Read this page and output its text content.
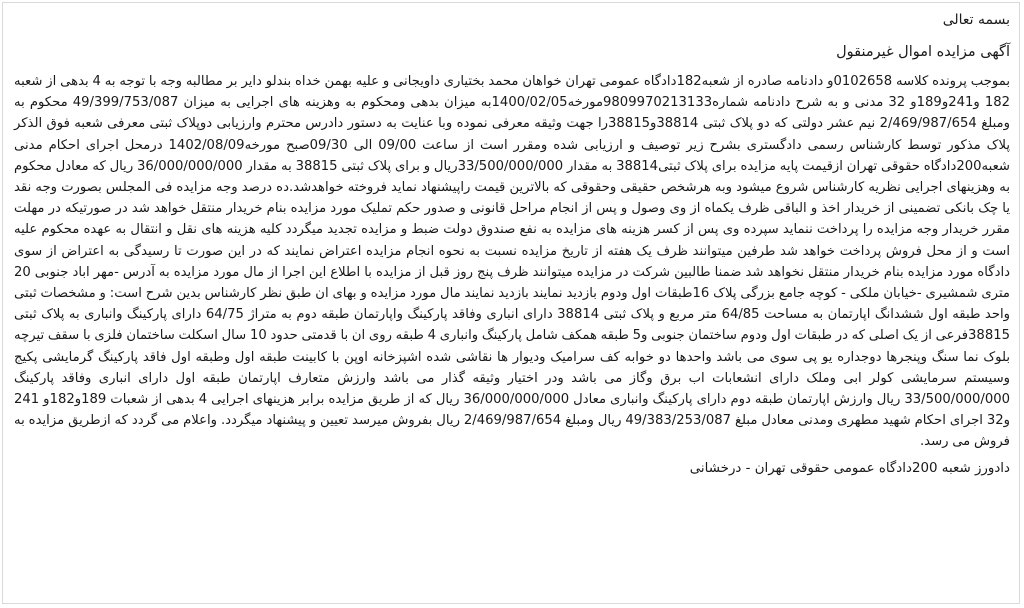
بسمه تعالی
آگهی مزایده اموال غیرمنقول

بموجب پرونده کلاسه 0102658و دادنامه صادره از شعبه182دادگاه عمومی تهران خواهان محمد بختیاری داویجانی و علیه بهمن خداه بندلو دایر بر مطالبه وجه با توجه به 4 بدهی از شعبه 182 و241و189و 32 مدنی و به شرح دادنامه شماره9809970213133مورخه1400/02/05به میزان بدهی ومحکوم به وهزینه های اجرایی به میزان 49/399/753/087 محکوم به ومبلغ 2/469/987/654 نیم عشر دولتی که دو پلاک ثبتی 38814و38815را جهت وثیقه معرفی نموده وبا عنایت به دستور دادرس محترم وارزیابی دوپلاک ثبتی معرفی شعبه فوق الذکر پلاک مذکور توسط کارشناس رسمی دادگستری بشرح زیر توصیف و ارزیابی شده ومقرر است از ساعت 09/00 الی 09/30صبح مورخه1402/08/09 درمحل اجرای احکام مدنی شعبه200دادگاه حقوقی تهران ازقیمت پایه مزایده برای پلاک ثبتی38814 به مقدار 33/500/000/000ریال و برای پلاک ثبتی 38815 به مقدار 36/000/000/000 ریال که معادل محکوم به وهزینهای اجرایی نظریه کارشناس شروع میشود وبه هرشخص حقیقی وحقوقی که بالاترین قیمت راپیشنهاد نماید فروخته خواهدشد.ده درصد وجه مزایده فی المجلس بصورت وجه نقد یا چک بانکی تضمینی از خریدار اخذ و الباقی ظرف یکماه از وی وصول و پس از انجام مراحل قانونی و صدور حکم تملیک مورد مزایده بنام خریدار منتقل خواهد شد در صورتیکه در مهلت مقرر خریدار وجه مزایده را پرداخت ننماید سپرده وی پس از کسر هزینه های مزایده به نفع صندوق دولت ضبط و مزایده تجدید میگردد کلیه هزینه های نقل و انتقال به عهده محکوم علیه است و از محل فروش پرداخت خواهد شد طرفین میتوانند ظرف یک هفته از تاریخ مزایده نسبت به نحوه انجام مزایده اعتراض نمایند که در این صورت تا رسیدگی به اعتراض از سوی دادگاه مورد مزایده بنام خریدار منتقل نخواهد شد ضمنا طالبین شرکت در مزایده میتوانند ظرف پنج روز قبل از مزایده با اطلاع این اجرا از مال مورد مزایده به آدرس -مهر اباد جنوبی 20 متری شمشیری -خیابان ملکی - کوچه جامع بزرگی پلاک 16طبقات اول ودوم بازدید نمایند بازدید نمایند مال مورد مزایده و بهای ان طبق نظر کارشناس بدین شرح است: و مشخصات ثبتی واحد طبقه اول ششدانگ اپارتمان به مساحت 64/85 متر مربع و پلاک ثبتی 38814 دارای انباری وفاقد پارکینگ واپارتمان طبقه دوم به متراژ 64/75 دارای پارکینگ وانباری به پلاک ثبتی 38815فرعی از یک اصلی که در طبقات اول ودوم ساختمان جنوبی و5 طبقه همکف شامل پارکینگ وانباری 4 طبقه روی ان با قدمتی حدود 10 سال اسکلت ساختمان فلزی با سقف تیرچه بلوک نما سنگ وپنجرها دوجداره یو پی سوی می باشد واحدها دو خوابه کف سرامیک وديوار ها نقاشی شده اشپزخانه اوپن با کابینت طبقه اول وطبقه اول فاقد پارکینگ گرمایشی پکیج وسیستم سرمایشی کولر ابی وملک دارای انشعابات اب برق وگاز می باشد ودر اختیار وثیقه گذار می باشد وارزش متعارف اپارتمان طبقه اول دارای انباری وفاقد پارکینگ 33/500/000/000 ریال وارزش اپارتمان طبقه دوم دارای پارکینگ وانباری معادل 36/000/000/000 ریال که از طریق مزایده برابر هزینهای اجرایی 4 بدهی از شعبات 189و182و 241 و32 اجرای احکام شهید مطهری ومدنی معادل مبلغ 49/383/253/087 ریال ومبلغ 2/469/987/654 ریال بفروش میرسد تعیین و پیشنهاد میگردد. واعلام می گردد که ازطریق مزایده به فروش می رسد.

دادورز شعبه 200دادگاه عمومی حقوقی تهران - درخشانی
